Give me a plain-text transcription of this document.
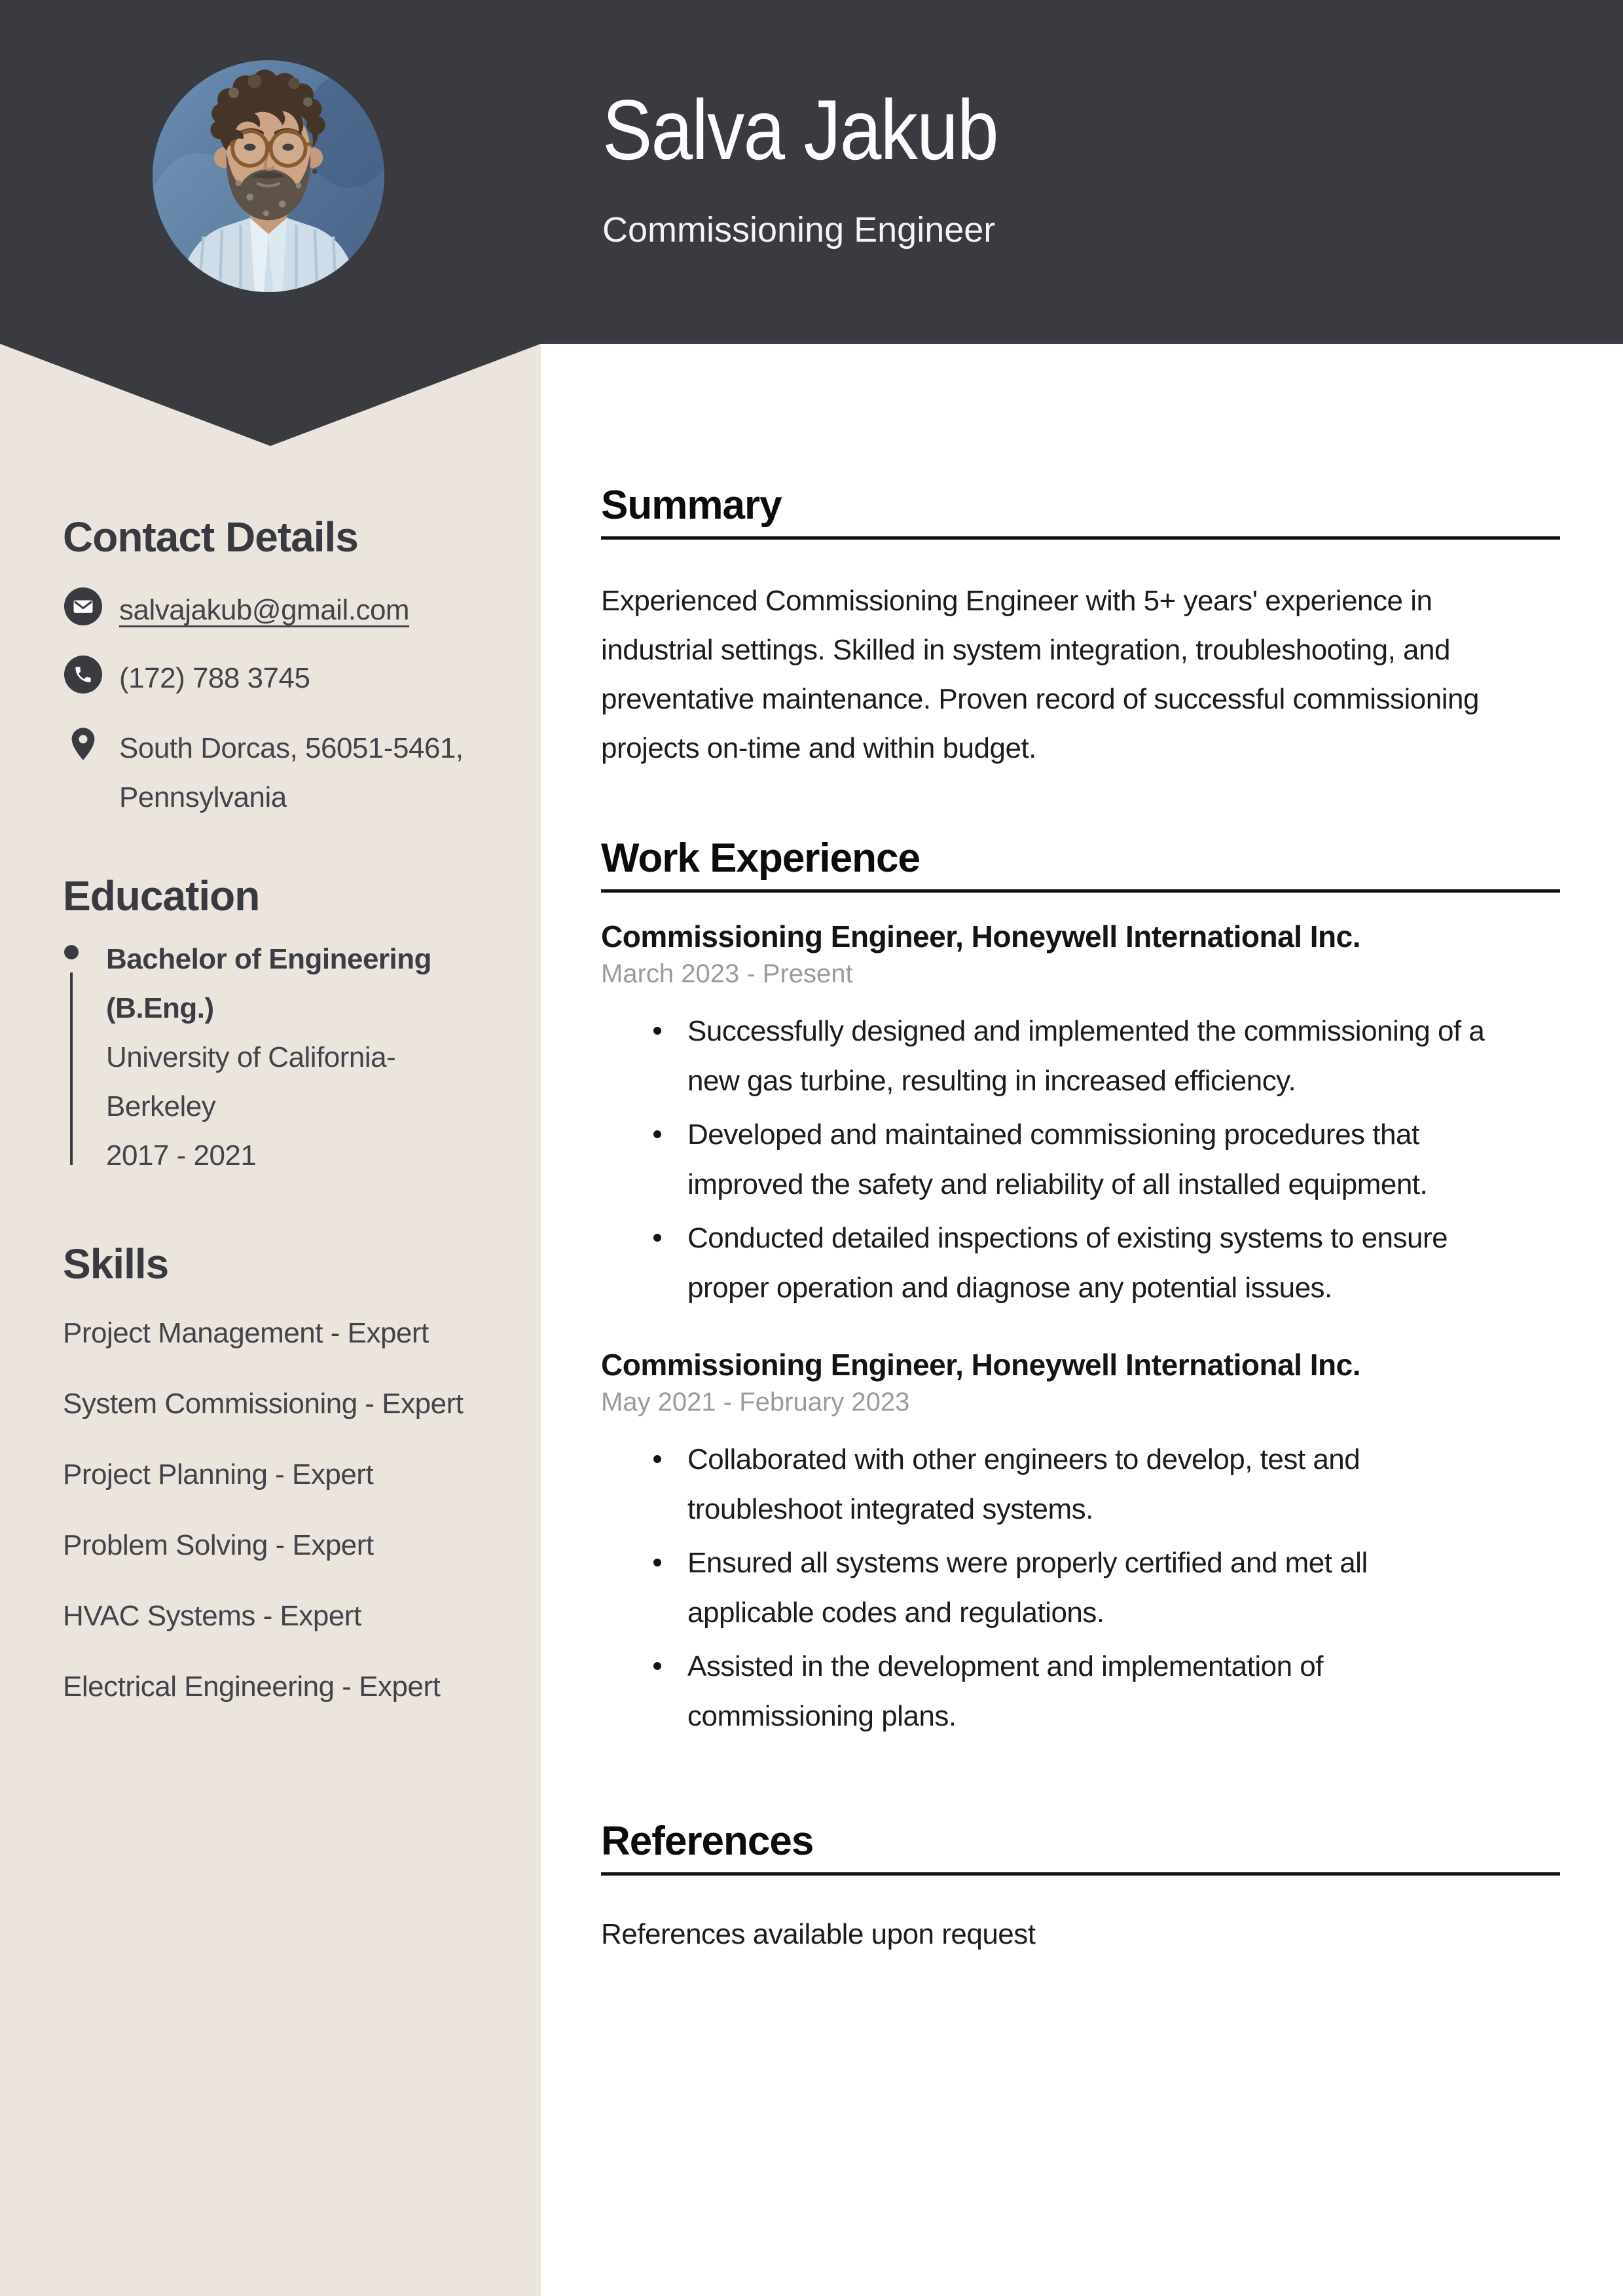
Contact Details
salvajakub@gmail.com
(172) 788 3745
South Dorcas, 56051-5461, Pennsylvania
Education
Bachelor of Engineering (B.Eng.)
University of California-Berkeley
2017 - 2021
Skills
Project Management - Expert
System Commissioning - Expert
Project Planning - Expert
Problem Solving - Expert
HVAC Systems - Expert
Electrical Engineering - Expert
Salva Jakub
Commissioning Engineer
Summary

Experienced Commissioning Engineer with 5+ years' experience in industrial settings. Skilled in system integration, troubleshooting, and preventative maintenance. Proven record of successful commissioning projects on-time and within budget.

Work Experience
Commissioning Engineer, Honeywell International Inc.
March 2023 - Present
Successfully designed and implemented the commissioning of a new gas turbine, resulting in increased efficiency.
Developed and maintained commissioning procedures that improved the safety and reliability of all installed equipment.
Conducted detailed inspections of existing systems to ensure proper operation and diagnose any potential issues.
Commissioning Engineer, Honeywell International Inc.
May 2021 - February 2023
Collaborated with other engineers to develop, test and troubleshoot integrated systems.
Ensured all systems were properly certified and met all applicable codes and regulations.
Assisted in the development and implementation of commissioning plans.
References

References available upon request
